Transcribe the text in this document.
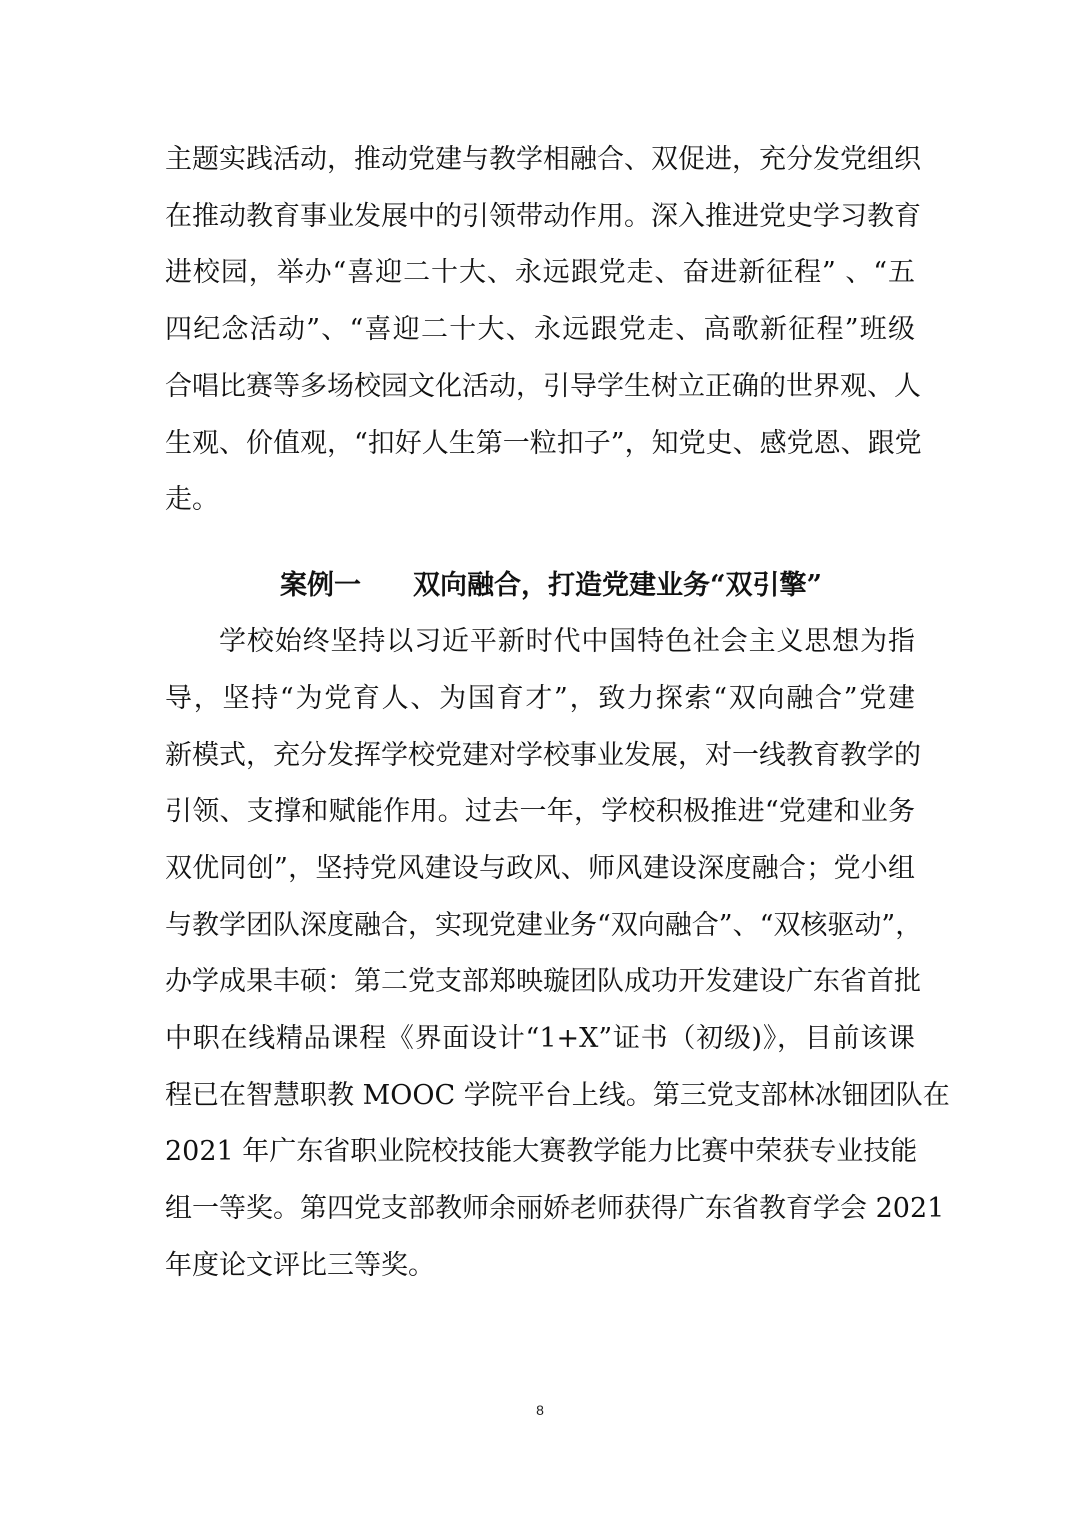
主题实践活动，推动党建与教学相融合、双促进，充分发党组织
在推动教育事业发展中的引领带动作用。深入推进党史学习教育
进校园，举办“喜迎二十大、永远跟党走、奋进新征程” 、“五
四纪念活动”、“喜迎二十大、永远跟党走、高歌新征程”班级
合唱比赛等多场校园文化活动，引导学生树立正确的世界观、人
生观、价值观，“扣好人生第一粒扣子”，知党史、感党恩、跟党
走。
案例一 双向融合，打造党建业务“双引擎”
学校始终坚持以习近平新时代中国特色社会主义思想为指
导，坚持“为党育人、为国育才”，致力探索“双向融合”党建
新模式，充分发挥学校党建对学校事业发展，对一线教育教学的
引领、支撑和赋能作用。过去一年，学校积极推进“党建和业务
双优同创”，坚持党风建设与政风、师风建设深度融合；党小组
与教学团队深度融合，实现党建业务“双向融合”、“双核驱动”，
办学成果丰硕：第二党支部郑映璇团队成功开发建设广东省首批
中职在线精品课程《界面设计“1+X”证书（初级)》，目前该课
程已在智慧职教 MOOC 学院平台上线。第三党支部林冰钿团队在
2021 年广东省职业院校技能大赛教学能力比赛中荣获专业技能
组一等奖。第四党支部教师余丽娇老师获得广东省教育学会 2021
年度论文评比三等奖。
8
